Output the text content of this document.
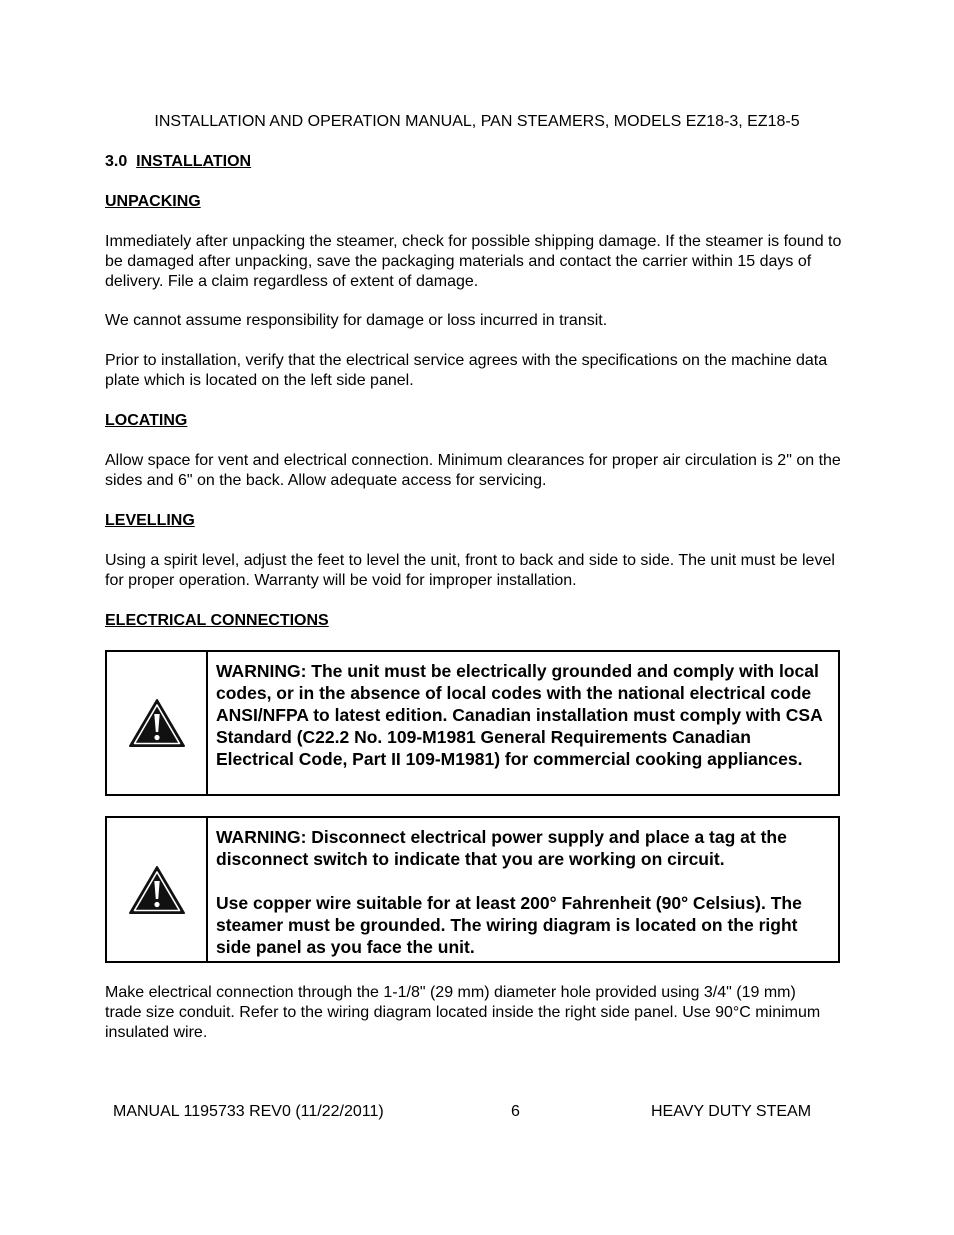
INSTALLATION AND OPERATION MANUAL, PAN STEAMERS, MODELS EZ18-3, EZ18-5
3.0 INSTALLATION
UNPACKING

Immediately after unpacking the steamer, check for possible shipping damage. If the steamer is found to be damaged after unpacking, save the packaging materials and contact the carrier within 15 days of delivery. File a claim regardless of extent of damage.

We cannot assume responsibility for damage or loss incurred in transit.

Prior to installation, verify that the electrical service agrees with the specifications on the machine data plate which is located on the left side panel.

LOCATING

Allow space for vent and electrical connection. Minimum clearances for proper air circulation is 2" on the sides and 6" on the back. Allow adequate access for servicing.

LEVELLING

Using a spirit level, adjust the feet to level the unit, front to back and side to side. The unit must be level for proper operation. Warranty will be void for improper installation.

ELECTRICAL CONNECTIONS

WARNING: The unit must be electrically grounded and comply with local codes, or in the absence of local codes with the national electrical code ANSI/NFPA to latest edition. Canadian installation must comply with CSA Standard (C22.2 No. 109-M1981 General Requirements Canadian Electrical Code, Part II 109-M1981) for commercial cooking appliances.

WARNING: Disconnect electrical power supply and place a tag at the disconnect switch to indicate that you are working on circuit.

Use copper wire suitable for at least 200° Fahrenheit (90° Celsius). The steamer must be grounded. The wiring diagram is located on the right side panel as you face the unit.

Make electrical connection through the 1-1/8" (29 mm) diameter hole provided using 3/4" (19 mm) trade size conduit. Refer to the wiring diagram located inside the right side panel. Use 90°C minimum insulated wire.

MANUAL 1195733 REV0 (11/22/2011)	6	HEAVY DUTY STEAM
